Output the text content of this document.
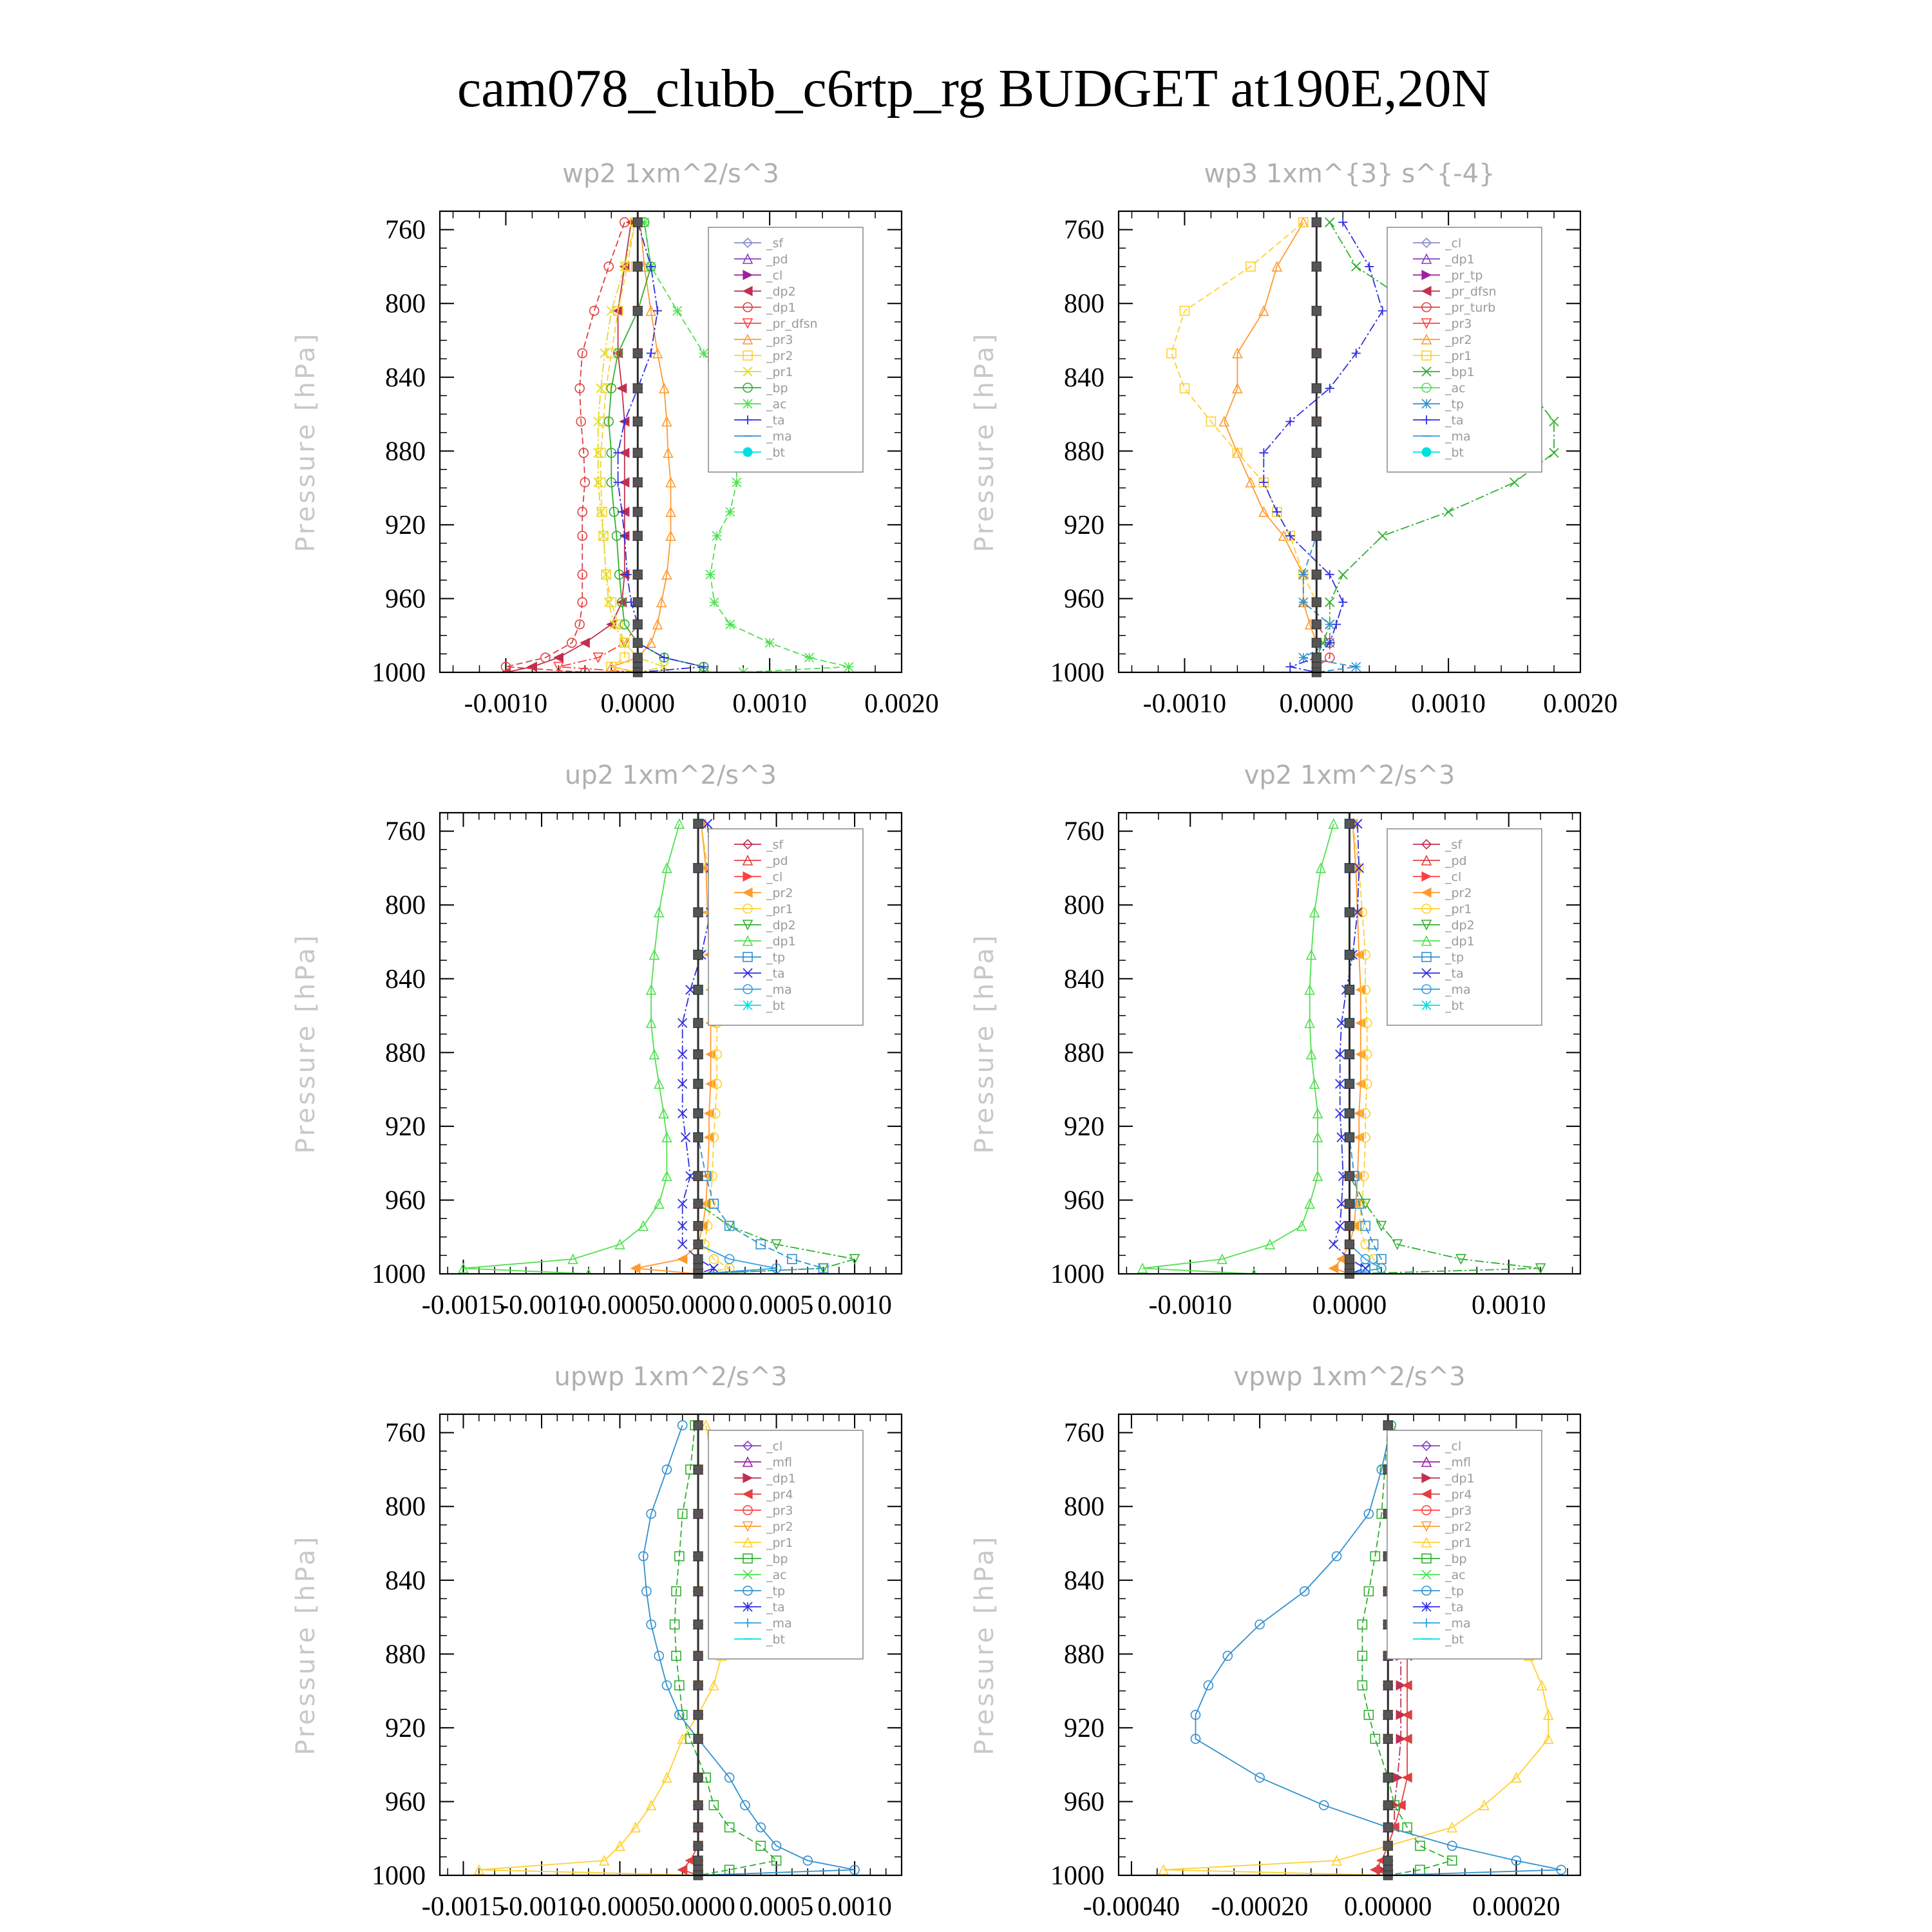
cam078_clubb_c6rtp_rg BUDGET at190E,20N
wp2 1xm^2/s^3
Pressure [hPa]
760
800
840
880
920
960
1000
-0.0010 0.0000 0.0010 0.0020
_sf
_pd
_cl
_dp2
_dp1
_pr_dfsn
_pr3
_pr2
_pr1
_bp
_ac
_ta
_ma
_bt
wp3 1xm^{3} s^{-4}
Pressure [hPa]
760
800
840
880
920
960
1000
-0.0010 0.0000 0.0010 0.0020
_cl
_dp1
_pr_tp
_pr_dfsn
_pr_turb
_pr3
_pr2
_pr1
_bp1
_ac
_tp
_ta
_ma
_bt
up2 1xm^2/s^3
Pressure [hPa]
760
800
840
880
920
960
1000
-0.0015
-0.0010
-0.0005 0.0000 0.0005 0.0010
_sf
_pd
_cl
_pr2
_pr1
_dp2
_dp1
_tp
_ta
_ma
_bt
vp2 1xm^2/s^3
Pressure [hPa]
760
800
840
880
920
960
1000
-0.0010	0.0000	0.0010
_sf
_pd
_cl
_pr2
_pr1
_dp2
_dp1
_tp
_ta
_ma
_bt
upwp 1xm^2/s^3
Pressure [hPa]
760
800
840
880
920
960
1000
-0.0015
-0.0010
-0.0005 0.0000 0.0005 0.0010
_cl
_mfl
_dp1
_pr4
_pr3
_pr2
_pr1
_bp
_ac
_tp
_ta
_ma
_bt
vpwp 1xm^2/s^3
Pressure [hPa]
760
800
840
880
920
960
1000
-0.00040 -0.00020 0.00000 0.00020
_cl
_mfl
_dp1
_pr4
_pr3
_pr2
_pr1
_bp
_ac
_tp
_ta
_ma
_bt
